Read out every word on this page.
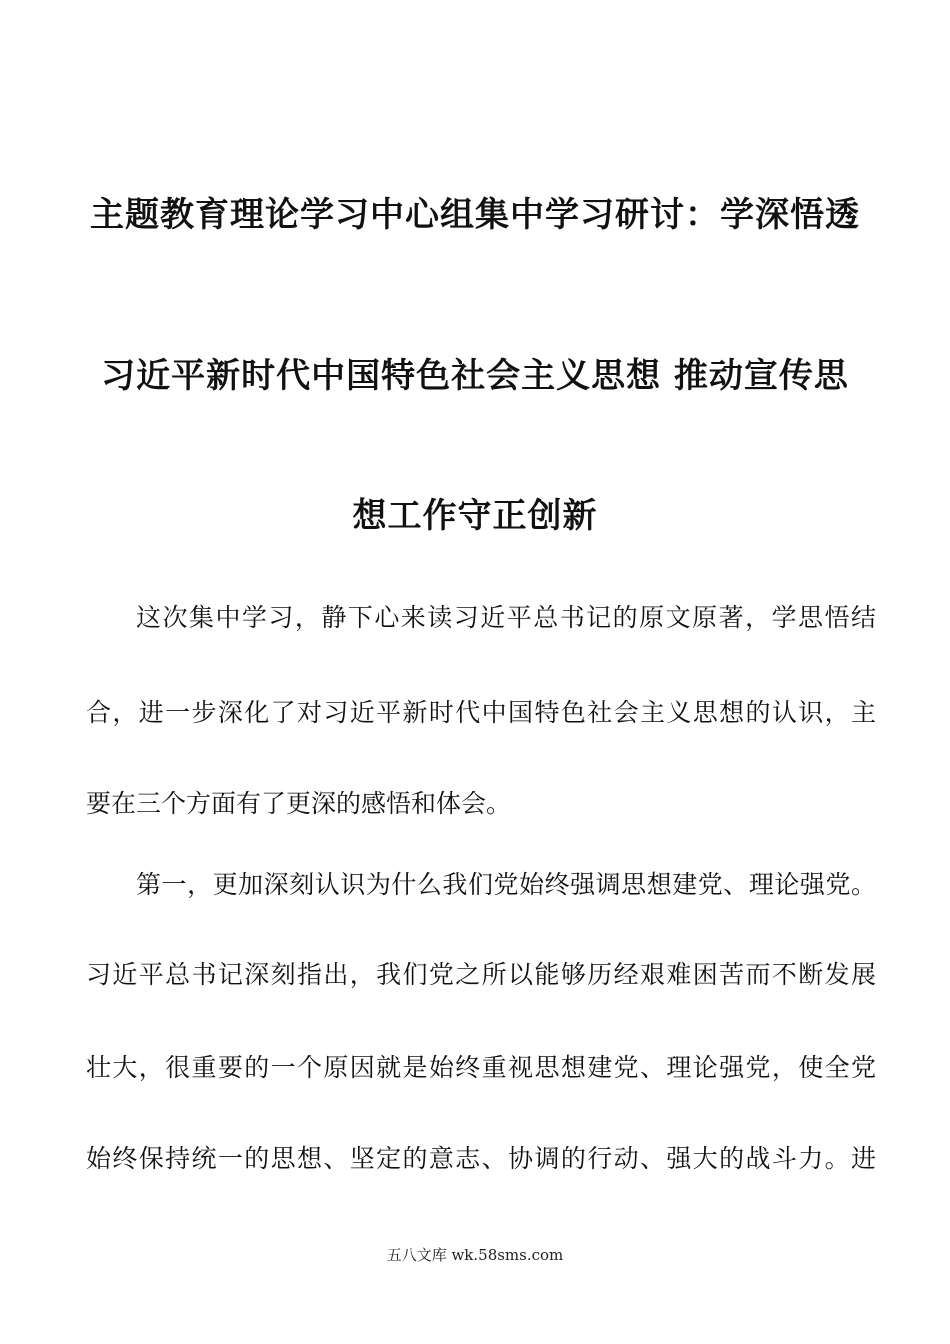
主题教育理论学习中心组集中学习研讨：学深悟透
习近平新时代中国特色社会主义思想 推动宣传思
想工作守正创新
这次集中学习，静下心来读习近平总书记的原文原著，学思悟结
合，进一步深化了对习近平新时代中国特色社会主义思想的认识，主
要在三个方面有了更深的感悟和体会。
第一，更加深刻认识为什么我们党始终强调思想建党、理论强党。
习近平总书记深刻指出，我们党之所以能够历经艰难困苦而不断发展
壮大，很重要的一个原因就是始终重视思想建党、理论强党，使全党
始终保持统一的思想、坚定的意志、协调的行动、强大的战斗力。进
五八文库 wk.58sms.com
